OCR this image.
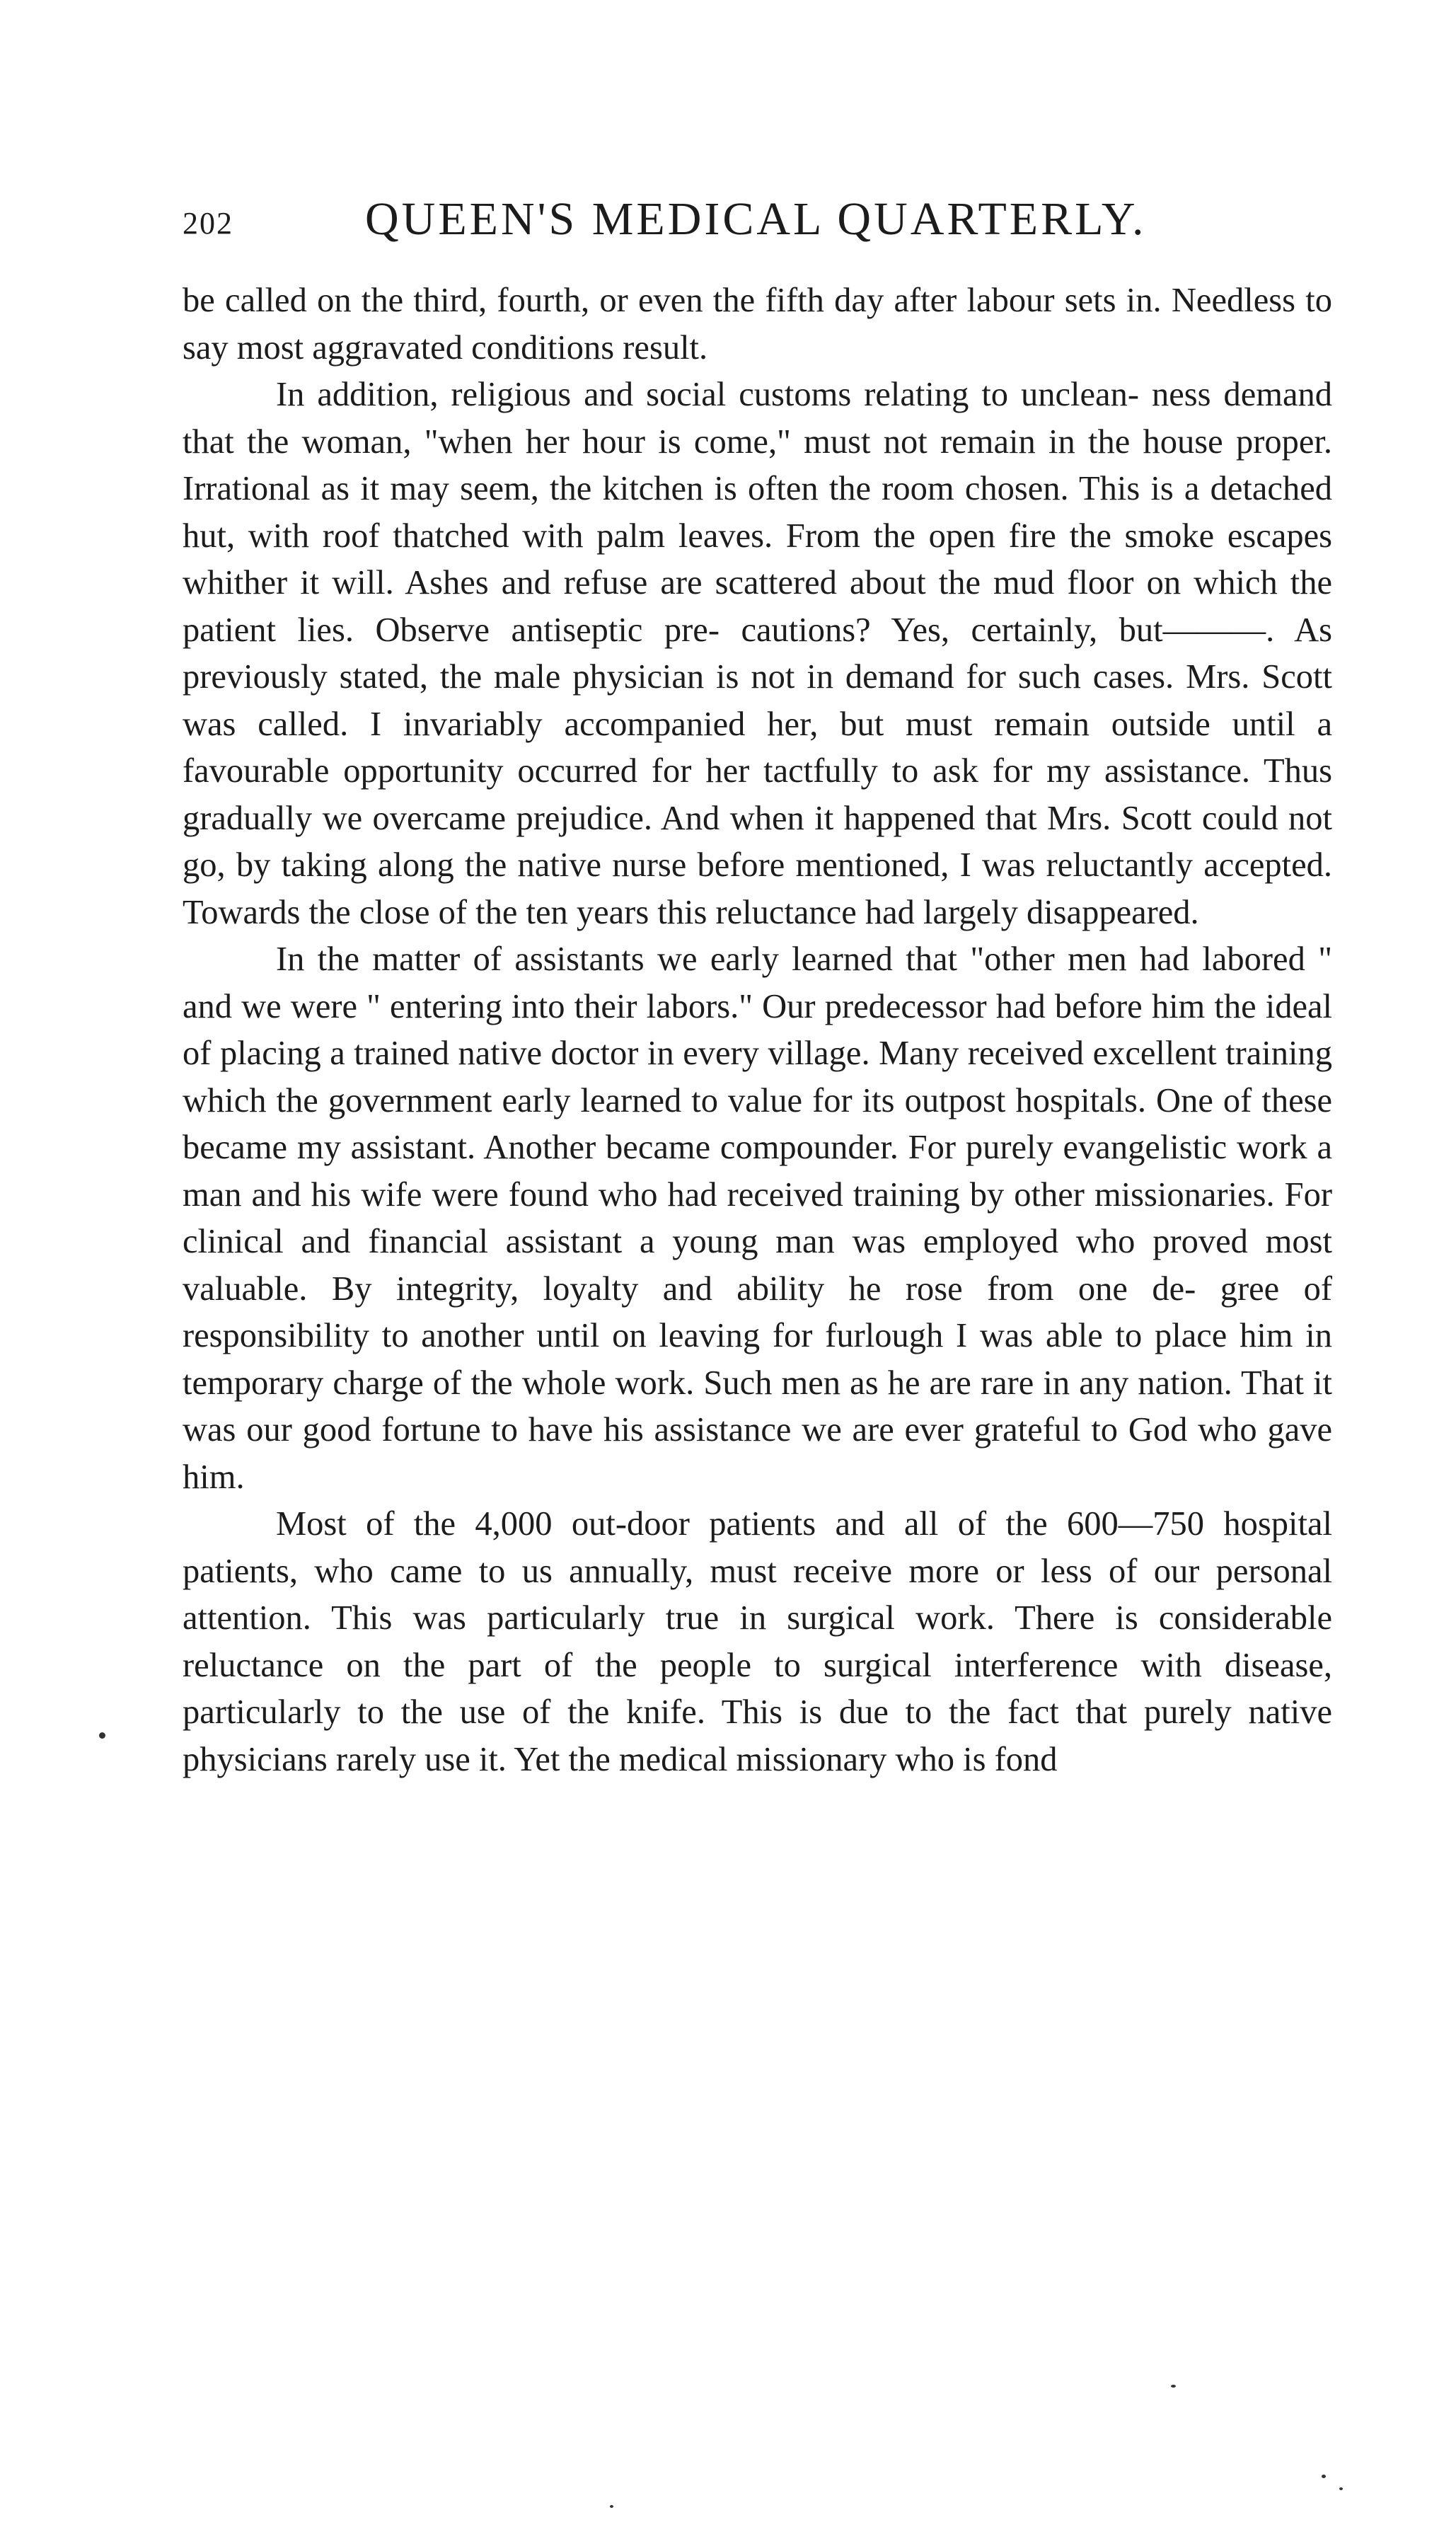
202	QUEEN'S MEDICAL QUARTERLY.

be called on the third, fourth, or even the fifth day after labour sets in. Needless to say most aggravated conditions result.

In addition, religious and social customs relating to unclean- ness demand that the woman, "when her hour is come," must not remain in the house proper. Irrational as it may seem, the kitchen is often the room chosen. This is a detached hut, with roof thatched with palm leaves. From the open fire the smoke escapes whither it will. Ashes and refuse are scattered about the mud floor on which the patient lies. Observe antiseptic pre- cautions? Yes, certainly, but———. As previously stated, the male physician is not in demand for such cases. Mrs. Scott was called. I invariably accompanied her, but must remain outside until a favourable opportunity occurred for her tactfully to ask for my assistance. Thus gradually we overcame prejudice. And when it happened that Mrs. Scott could not go, by taking along the native nurse before mentioned, I was reluctantly accepted. Towards the close of the ten years this reluctance had largely disappeared.

In the matter of assistants we early learned that "other men had labored " and we were " entering into their labors." Our predecessor had before him the ideal of placing a trained native doctor in every village. Many received excellent training which the government early learned to value for its outpost hospitals. One of these became my assistant. Another became compounder. For purely evangelistic work a man and his wife were found who had received training by other missionaries. For clinical and financial assistant a young man was employed who proved most valuable. By integrity, loyalty and ability he rose from one de- gree of responsibility to another until on leaving for furlough I was able to place him in temporary charge of the whole work. Such men as he are rare in any nation. That it was our good fortune to have his assistance we are ever grateful to God who gave him.

Most of the 4,000 out-door patients and all of the 600—750 hospital patients, who came to us annually, must receive more or less of our personal attention. This was particularly true in surgical work. There is considerable reluctance on the part of the people to surgical interference with disease, particularly to the use of the knife. This is due to the fact that purely native physicians rarely use it. Yet the medical missionary who is fond
